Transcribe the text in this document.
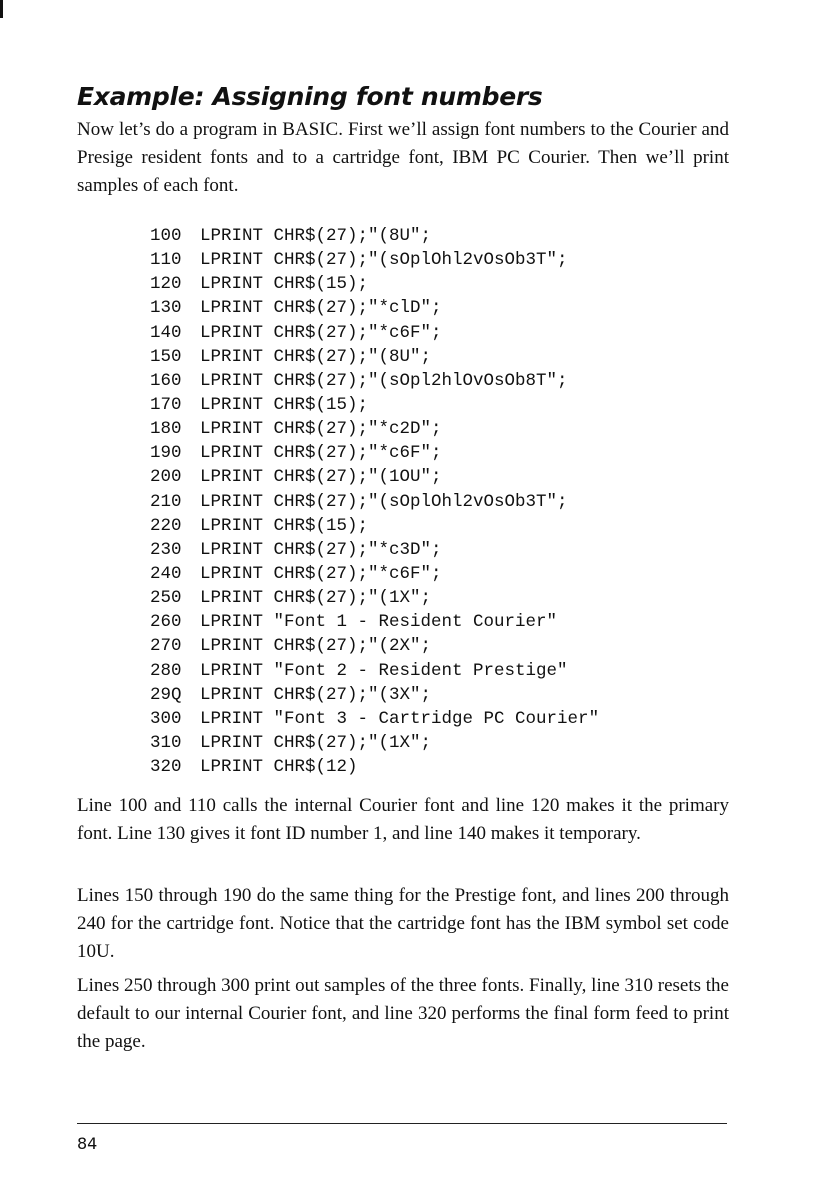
Example: Assigning font numbers

Now let’s do a program in BASIC. First we’ll assign font numbers to the Courier and Presige resident fonts and to a cartridge font, IBM PC Courier. Then we’ll print samples of each font.

100 LPRINT CHR$(27);"(8U";
110 LPRINT CHR$(27);"(sOplOhl2vOsOb3T";
120 LPRINT CHR$(15);
130 LPRINT CHR$(27);"*clD";
140 LPRINT CHR$(27);"*c6F";
150 LPRINT CHR$(27);"(8U";
160 LPRINT CHR$(27);"(sOpl2hlOvOsOb8T";
170 LPRINT CHR$(15);
180 LPRINT CHR$(27);"*c2D";
190 LPRINT CHR$(27);"*c6F";
200 LPRINT CHR$(27);"(1OU";
210 LPRINT CHR$(27);"(sOplOhl2vOsOb3T";
220 LPRINT CHR$(15);
230 LPRINT CHR$(27);"*c3D";
240 LPRINT CHR$(27);"*c6F";
250 LPRINT CHR$(27);"(1X";
260 LPRINT "Font 1 - Resident Courier"
270 LPRINT CHR$(27);"(2X";
280 LPRINT "Font 2 - Resident Prestige"
29Q LPRINT CHR$(27);"(3X";
300 LPRINT "Font 3 - Cartridge PC Courier"
310 LPRINT CHR$(27);"(1X";
320 LPRINT CHR$(12)

Line 100 and 110 calls the internal Courier font and line 120 makes it the primary font. Line 130 gives it font ID number 1, and line 140 makes it temporary.

Lines 150 through 190 do the same thing for the Prestige font, and lines 200 through 240 for the cartridge font. Notice that the cartridge font has the IBM symbol set code 10U.

Lines 250 through 300 print out samples of the three fonts. Finally, line 310 resets the default to our internal Courier font, and line 320 performs the final form feed to print the page.

84
